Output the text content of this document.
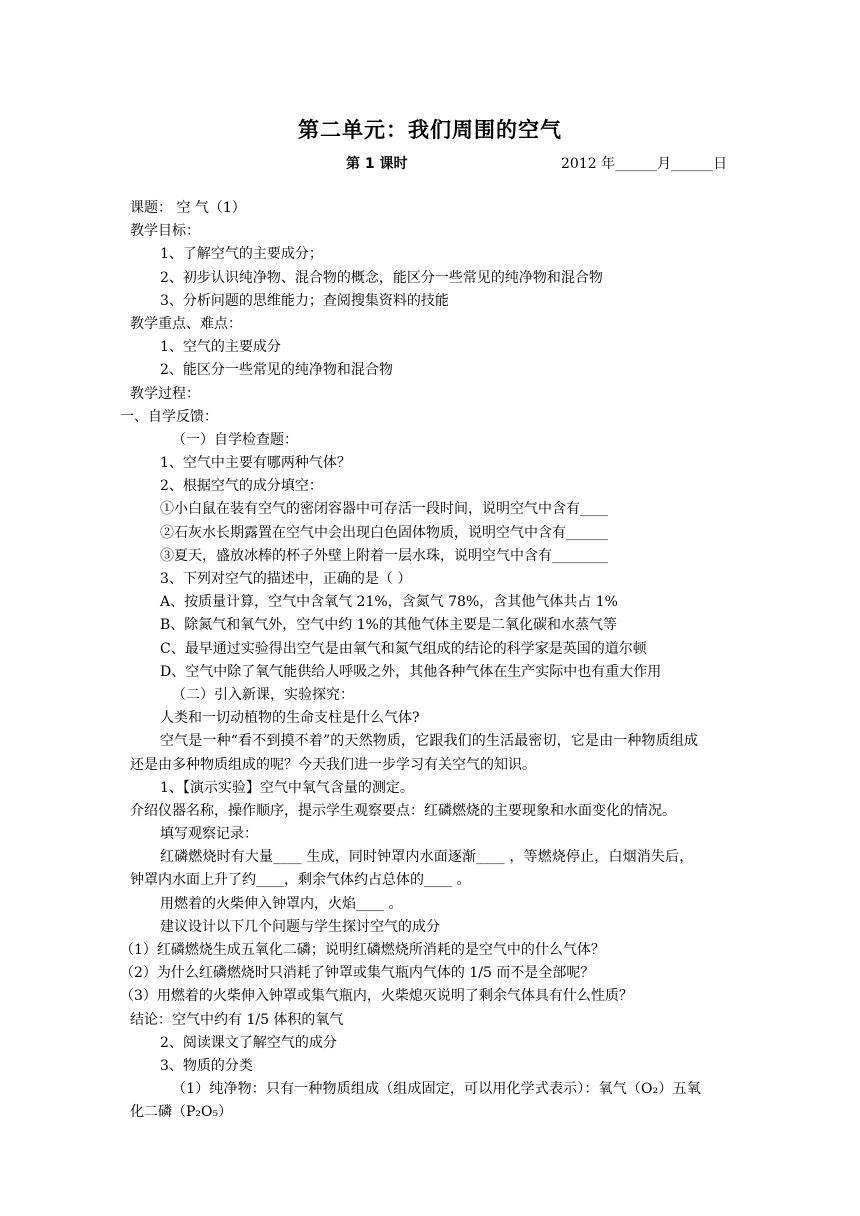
第二单元：我们周围的空气
第 1 课时	2012 年______月______日
课题： 空 气（1）
教学目标：
1、了解空气的主要成分；
2、初步认识纯净物、混合物的概念，能区分一些常见的纯净物和混合物
3、分析问题的思维能力；查阅搜集资料的技能
教学重点、难点：
1、空气的主要成分
2、能区分一些常见的纯净物和混合物
教学过程：
一、自学反馈：
（一）自学检查题：
1、空气中主要有哪两种气体？
2、根据空气的成分填空：
①小白鼠在装有空气的密闭容器中可存活一段时间，说明空气中含有____
②石灰水长期露置在空气中会出现白色固体物质，说明空气中含有______
③夏天，盛放冰棒的杯子外壁上附着一层水珠，说明空气中含有________
3、下列对空气的描述中，正确的是（ ）
A、按质量计算，空气中含氧气 21%，含氮气 78%，含其他气体共占 1%
B、除氮气和氧气外，空气中约 1%的其他气体主要是二氧化碳和水蒸气等
C、最早通过实验得出空气是由氧气和氮气组成的结论的科学家是英国的道尔顿
D、空气中除了氧气能供给人呼吸之外，其他各种气体在生产实际中也有重大作用
（二）引入新课，实验探究：
人类和一切动植物的生命支柱是什么气体?
空气是一种“看不到摸不着”的天然物质，它跟我们的生活最密切，它是由一种物质组成
还是由多种物质组成的呢？今天我们进一步学习有关空气的知识。
1、【演示实验】空气中氧气含量的测定。
介绍仪器名称，操作顺序，提示学生观察要点：红磷燃烧的主要现象和水面变化的情况。
填写观察记录：
红磷燃烧时有大量____ 生成，同时钟罩内水面逐渐____ ，等燃烧停止，白烟消失后，
钟罩内水面上升了约____，剩余气体约占总体的____ 。
用燃着的火柴伸入钟罩内，火焰____ 。
建议设计以下几个问题与学生探讨空气的成分
（1）红磷燃烧生成五氧化二磷；说明红磷燃烧所消耗的是空气中的什么气体？
（2）为什么红磷燃烧时只消耗了钟罩或集气瓶内气体的 1/5 而不是全部呢？
（3）用燃着的火柴伸入钟罩或集气瓶内，火柴熄灭说明了剩余气体具有什么性质？
结论：空气中约有 1/5 体积的氧气
2、阅读课文了解空气的成分
3、物质的分类
（1）纯净物：只有一种物质组成（组成固定，可以用化学式表示）：氧气（O₂）五氧
化二磷（P₂O₅）
